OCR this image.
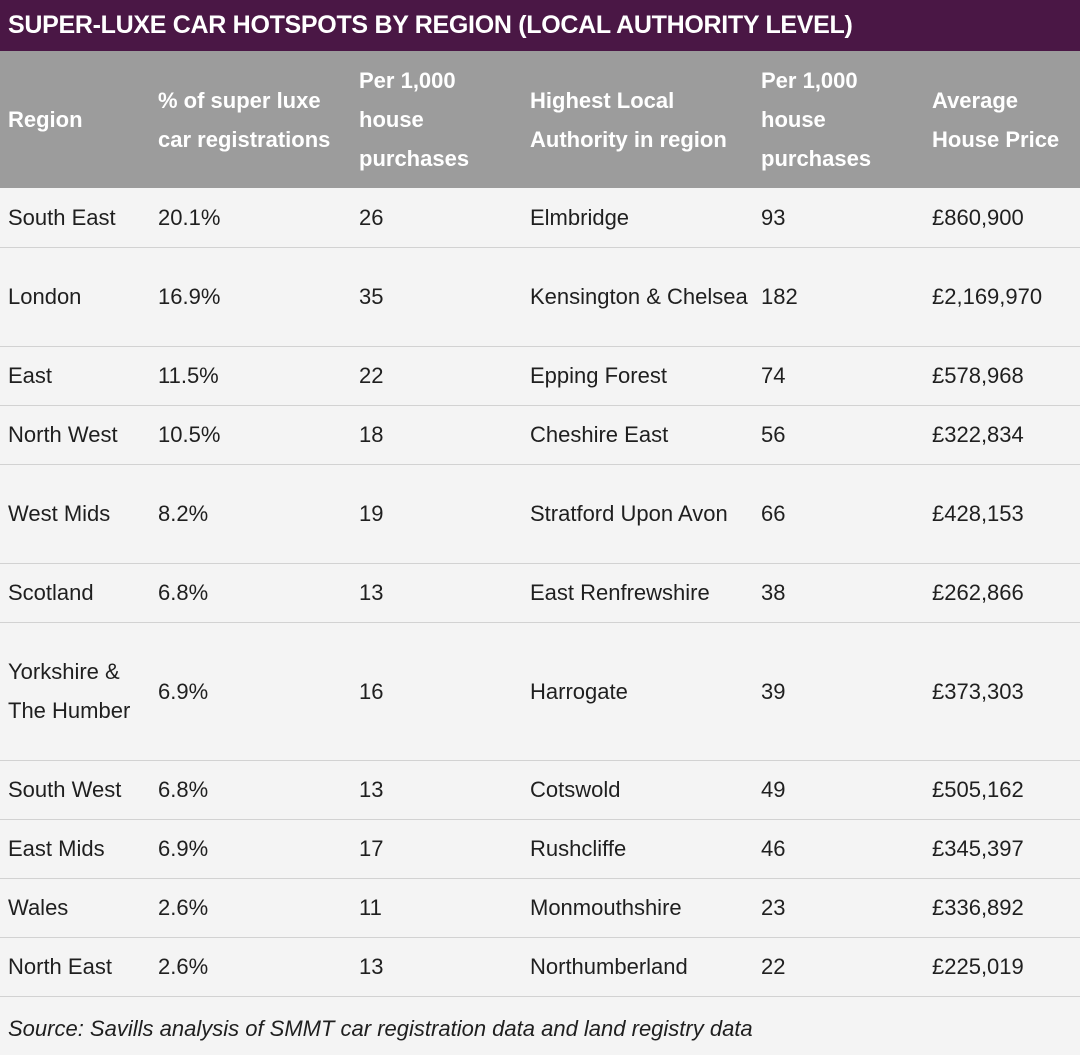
SUPER-LUXE CAR HOTSPOTS BY REGION (LOCAL AUTHORITY LEVEL)
Region	% of super luxe car registrations	Per 1,000 house purchases	Highest Local Authority in region	Per 1,000 house purchases	Average House Price
South East	20.1%	26	Elmbridge	93	£860,900
London	16.9%	35	Kensington & Chelsea	182	£2,169,970
East	11.5%	22	Epping Forest	74	£578,968
North West	10.5%	18	Cheshire East	56	£322,834
West Mids	8.2%	19	Stratford Upon Avon	66	£428,153
Scotland	6.8%	13	East Renfrewshire	38	£262,866
Yorkshire & The Humber	6.9%	16	Harrogate	39	£373,303
South West	6.8%	13	Cotswold	49	£505,162
East Mids	6.9%	17	Rushcliffe	46	£345,397
Wales	2.6%	11	Monmouthshire	23	£336,892
North East	2.6%	13	Northumberland	22	£225,019
Source: Savills analysis of SMMT car registration data and land registry data
